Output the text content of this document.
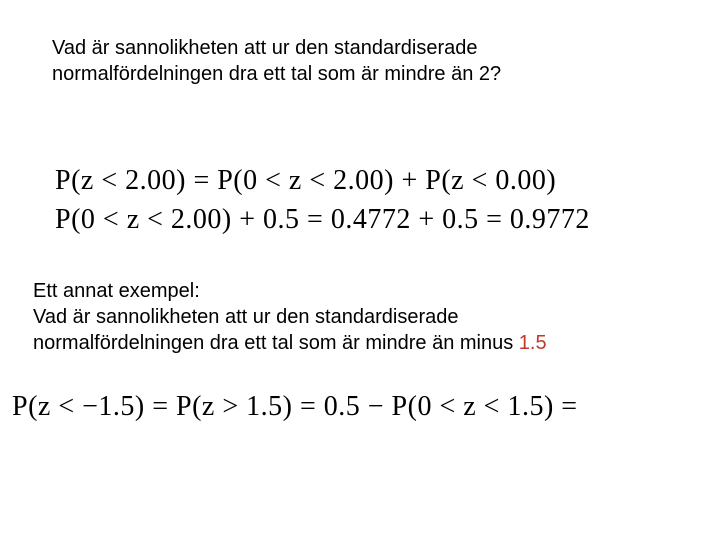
Vad är sannolikheten att ur den standardiserade
normalfördelningen dra ett tal som är mindre än 2?
P(z < 2.00) = P(0 < z < 2.00) + P(z < 0.00)
P(0 < z < 2.00) + 0.5 = 0.4772 + 0.5 = 0.9772
Ett annat exempel:
Vad är sannolikheten att ur den standardiserade
normalfördelningen dra ett tal som är mindre än minus 1.5
P(z < −1.5) = P(z > 1.5) = 0.5 − P(0 < z < 1.5) =
